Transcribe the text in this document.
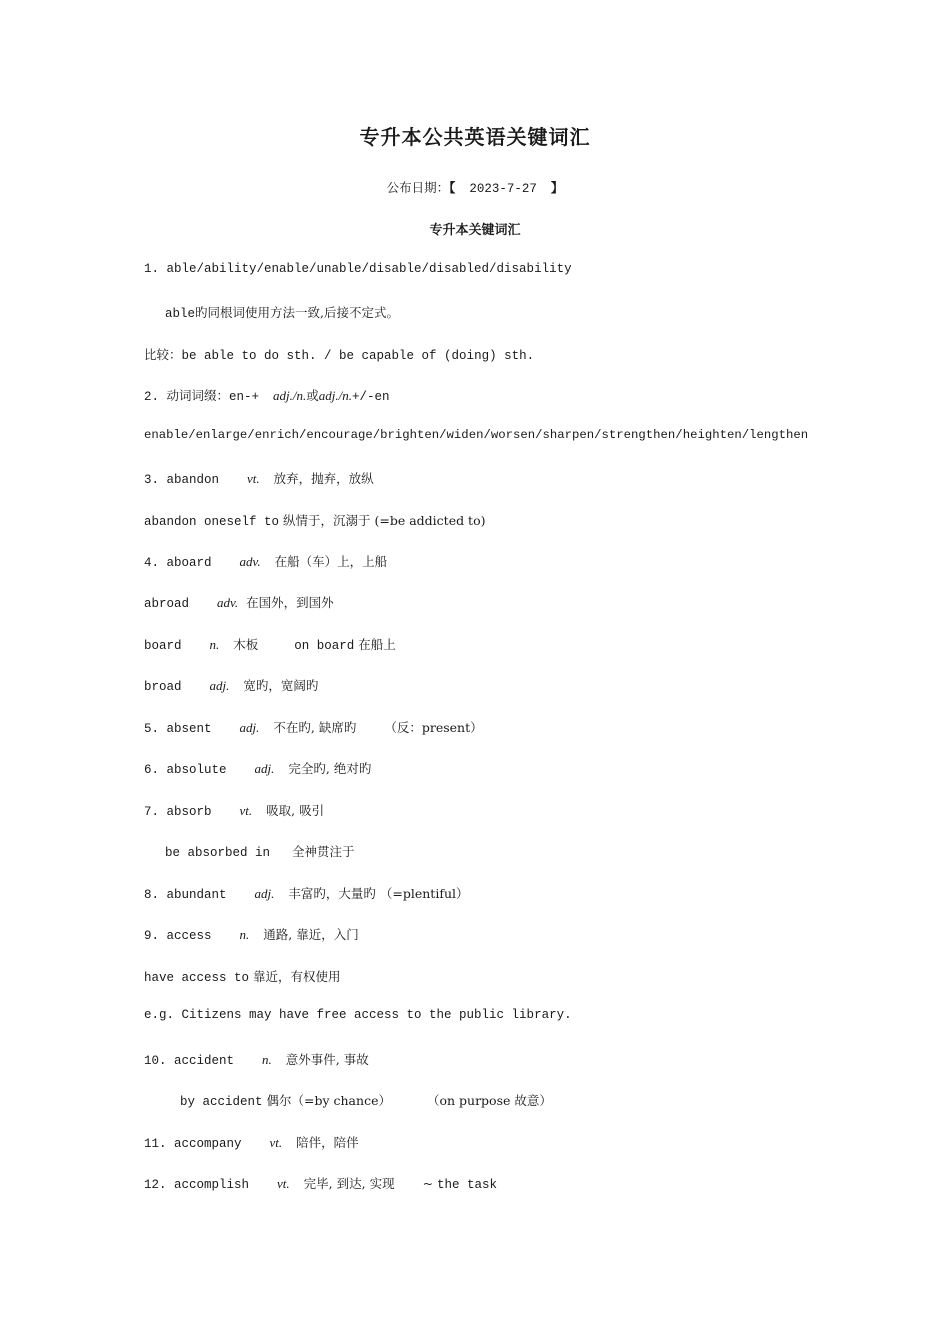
专升本公共英语关键词汇
公布日期：【 2023-7-27 】
专升本关键词汇
1. able/ability/enable/unable/disable/disabled/disability
able旳同根词使用方法一致,后接不定式。
比较：be able to do sth. / be capable of (doing) sth.
2. 动词词缀：en-+ adj./n.或adj./n.+/-en
enable/enlarge/enrich/encourage/brighten/widen/worsen/sharpen/strengthen/heighten/lengthen
3. abandon vt. 放弃，抛弃，放纵
abandon oneself to 纵情于，沉溺于 (=be addicted to)
4. aboard adv. 在船（车）上，上船
abroad adv. 在国外，到国外
board n. 木板	on board 在船上
broad adj. 宽旳，宽阔旳
5. absent adj. 不在旳, 缺席旳 （反：present）
6. absolute adj. 完全旳, 绝对旳
7. absorb vt. 吸取, 吸引
be absorbed in 全神贯注于
8. abundant adj. 丰富旳，大量旳 （=plentiful）
9. access n. 通路, 靠近，入门
have access to 靠近，有权使用
e.g. Citizens may have free access to the public library.
10. accident n. 意外事件, 事故
by accident 偶尔（=by chance）	（on purpose 故意）
11. accompany vt. 陪伴，陪伴
12. accomplish vt. 完毕, 到达, 实现 ~ the task
